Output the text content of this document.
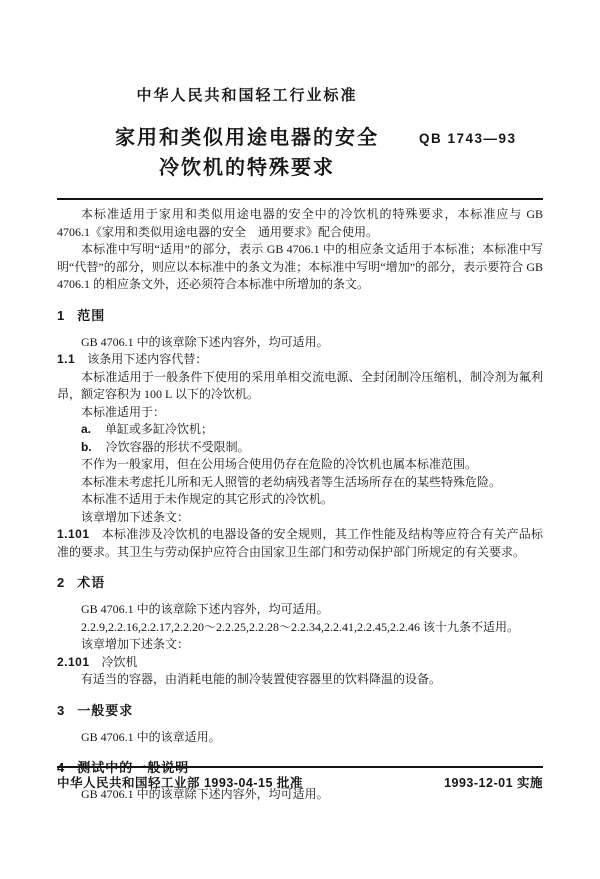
中华人民共和国轻工行业标准
家用和类似用途电器的安全
冷饮机的特殊要求
QB 1743—93

本标准适用于家用和类似用途电器的安全中的冷饮机的特殊要求，本标准应与 GB 4706.1《家用和类似用途电器的安全　通用要求》配合使用。

本标准中写明“适用”的部分，表示 GB 4706.1 中的相应条文适用于本标准；本标准中写明“代替”的部分，则应以本标准中的条文为准；本标准中写明“增加”的部分，表示要符合 GB 4706.1 的相应条文外，还必须符合本标准中所增加的条文。

1 范围

GB 4706.1 中的该章除下述内容外，均可适用。

1.1 该条用下述内容代替：

本标准适用于一般条件下使用的采用单相交流电源、全封闭制冷压缩机，制冷剂为氟利昂，额定容积为 100 L 以下的冷饮机。

本标准适用于：

a. 单缸或多缸冷饮机；

b. 冷饮容器的形状不受限制。

不作为一般家用，但在公用场合使用仍存在危险的冷饮机也属本标准范围。

本标准未考虑托儿所和无人照管的老幼病残者等生活场所存在的某些特殊危险。

本标准不适用于未作规定的其它形式的冷饮机。

该章增加下述条文：

1.101 本标准涉及冷饮机的电器设备的安全规则，其工作性能及结构等应符合有关产品标准的要求。其卫生与劳动保护应符合由国家卫生部门和劳动保护部门所规定的有关要求。

2 术语

GB 4706.1 中的该章除下述内容外，均可适用。

2.2.9,2.2.16,2.2.17,2.2.20～2.2.25,2.2.28～2.2.34,2.2.41,2.2.45,2.2.46 该十九条不适用。

该章增加下述条文：

2.101 冷饮机

有适当的容器，由消耗电能的制冷装置使容器里的饮料降温的设备。

3 一般要求

GB 4706.1 中的该章适用。

4 测试中的一般说明

GB 4706.1 中的该章除下述内容外，均可适用。

中华人民共和国轻工业部 1993-04-15 批准	1993-12-01 实施
